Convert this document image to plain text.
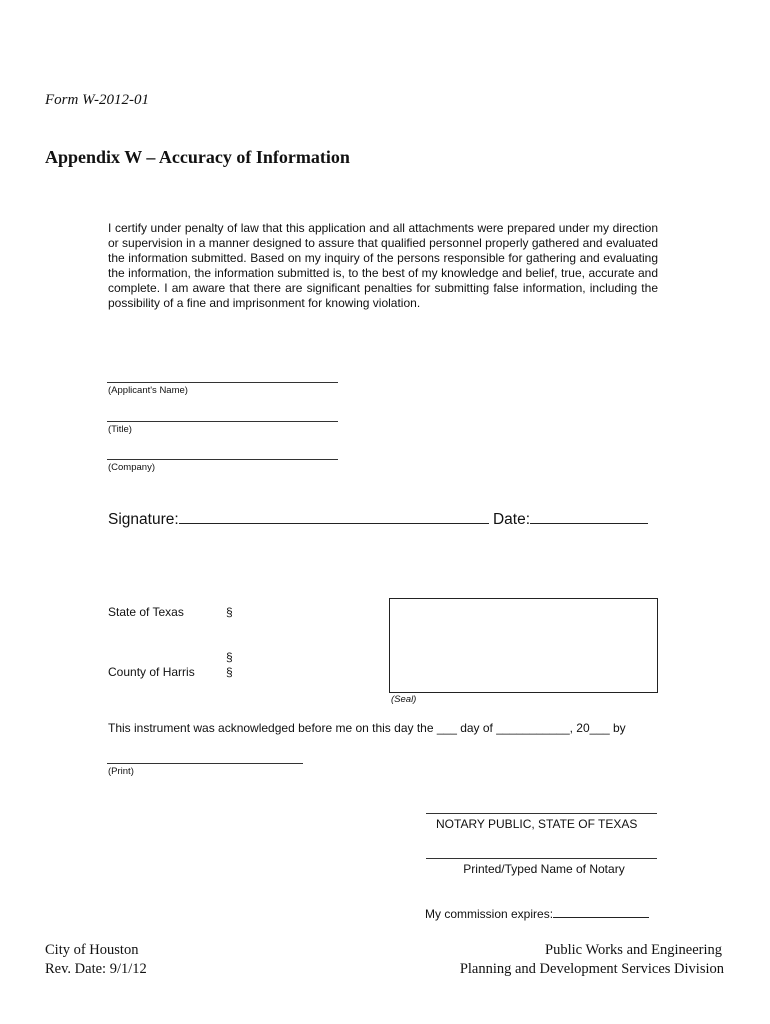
Form W-2012-01
Appendix W – Accuracy of Information
I certify under penalty of law that this application and all attachments were prepared under my direction or supervision in a manner designed to assure that qualified personnel properly gathered and evaluated the information submitted. Based on my inquiry of the persons responsible for gathering and evaluating the information, the information submitted is, to the best of my knowledge and belief, true, accurate and complete. I am aware that there are significant penalties for submitting false information, including the possibility of a fine and imprisonment for knowing violation.
(Applicant's Name)
(Title)
(Company)
Signature:	Date:
State of Texas	§
§
County of Harris	§
(Seal)
This instrument was acknowledged before me on this day the ___ day of ___________, 20___ by
(Print)
NOTARY PUBLIC, STATE OF TEXAS
Printed/Typed Name of Notary
My commission expires:
City of Houston
Rev. Date: 9/1/12
Public Works and Engineering
Planning and Development Services Division
